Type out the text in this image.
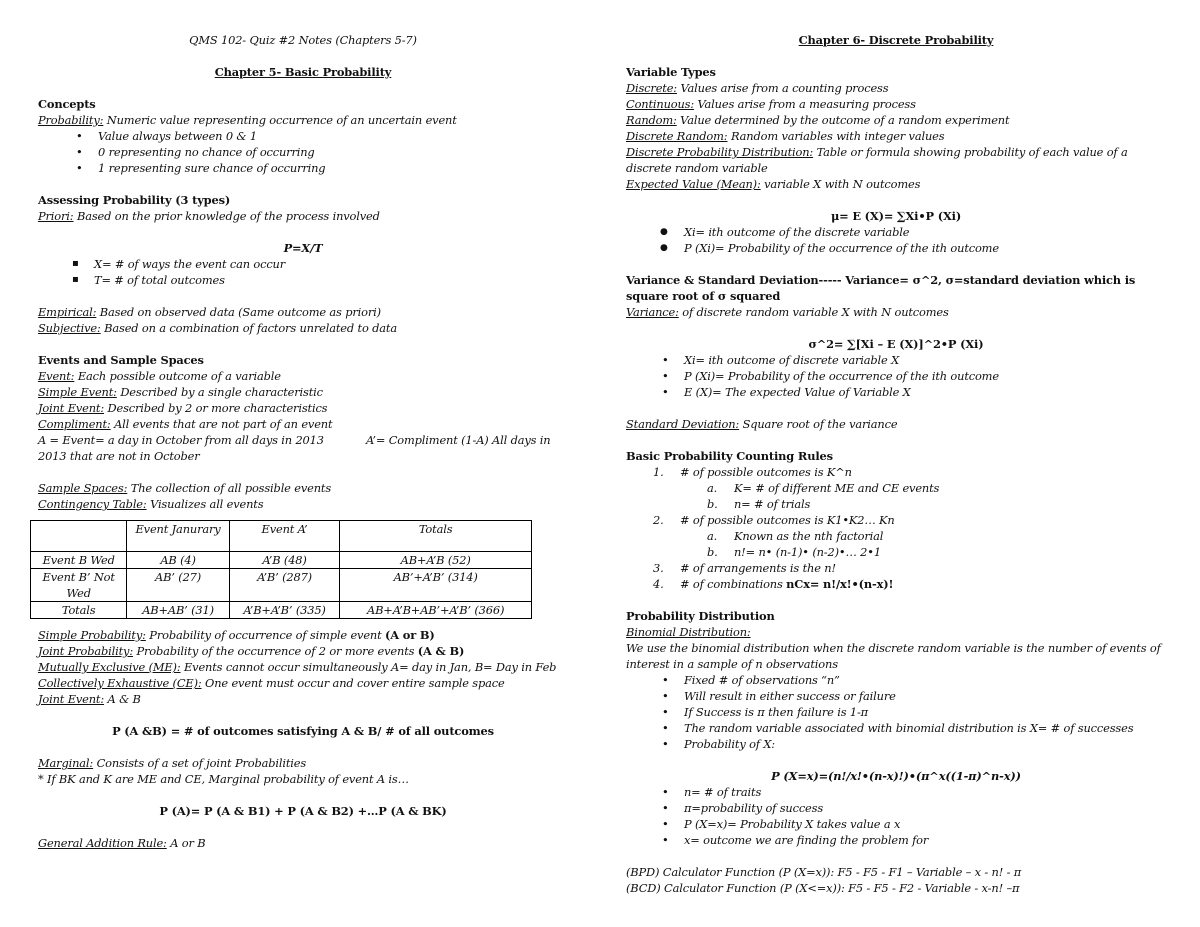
QMS 102- Quiz #2 Notes (Chapters 5-7)

Chapter 5- Basic Probability

Concepts

Probability: Numeric value representing occurrence of an uncertain event

• Value always between 0 & 1
• 0 representing no chance of occurring
• 1 representing sure chance of occurring

Assessing Probability (3 types)

Priori: Based on the prior knowledge of the process involved

P=X/T

▪ X= # of ways the event can occur
▪ T= # of total outcomes

Empirical: Based on observed data (Same outcome as priori)

Subjective: Based on a combination of factors unrelated to data

Events and Sample Spaces

Event: Each possible outcome of a variable

Simple Event: Described by a single characteristic

Joint Event: Described by 2 or more characteristics

Compliment: All events that are not part of an event

A = Event= a day in October from all days in 2013	A’= Compliment (1-A) All days in

2013 that are not in October

Sample Spaces: The collection of all possible events

Contingency Table: Visualizes all events

	Event Janurary	Event A’	Totals
Event B Wed	AB (4)	A’B (48)	AB+A’B (52)
Event B’ Not Wed	AB’ (27)	A’B’ (287)	AB’+A’B’ (314)
Totals	AB+AB’ (31)	A’B+A’B’ (335)	AB+A’B+AB’+A’B’ (366)

Simple Probability: Probability of occurrence of simple event (A or B)

Joint Probability: Probability of the occurrence of 2 or more events (A & B)

Mutually Exclusive (ME): Events cannot occur simultaneously A= day in Jan, B= Day in Feb

Collectively Exhaustive (CE): One event must occur and cover entire sample space

Joint Event: A & B

P (A &B) = # of outcomes satisfying A & B/ # of all outcomes

Marginal: Consists of a set of joint Probabilities

* If BK and K are ME and CE, Marginal probability of event A is…

P (A)= P (A & B1) + P (A & B2) +…P (A & BK)

General Addition Rule: A or B

Chapter 6- Discrete Probability

Variable Types

Discrete: Values arise from a counting process

Continuous: Values arise from a measuring process

Random: Value determined by the outcome of a random experiment

Discrete Random: Random variables with integer values

Discrete Probability Distribution: Table or formula showing probability of each value of a

discrete random variable

Expected Value (Mean): variable X with N outcomes

μ= E (X)= ∑Xi•P (Xi)

● Xi= ith outcome of the discrete variable
● P (Xi)= Probability of the occurrence of the ith outcome

Variance & Standard Deviation----- Variance= σ^2, σ=standard deviation which is

square root of σ squared

Variance: of discrete random variable X with N outcomes

σ^2= ∑[Xi – E (X)]^2•P (Xi)

• Xi= ith outcome of discrete variable X
• P (Xi)= Probability of the occurrence of the ith outcome
• E (X)= The expected Value of Variable X

Standard Deviation: Square root of the variance

Basic Probability Counting Rules

1. # of possible outcomes is K^n
a. K= # of different ME and CE events
b. n= # of trials
2. # of possible outcomes is K1•K2… Kn
a. Known as the nth factorial
b. n!= n• (n-1)• (n-2)•… 2•1
3. # of arrangements is the n!
4. # of combinations nCx= n!/x!•(n-x)!

Probability Distribution

Binomial Distribution:

We use the binomial distribution when the discrete random variable is the number of events of

interest in a sample of n observations

• Fixed # of observations “n”
• Will result in either success or failure
• If Success is π then failure is 1-π
• The random variable associated with binomial distribution is X= # of successes
• Probability of X:

P (X=x)=(n!/x!•(n-x)!)•(π^x((1-π)^n-x))

• n= # of traits
• π=probability of success
• P (X=x)= Probability X takes value a x
• x= outcome we are finding the problem for

(BPD) Calculator Function (P (X=x)): F5 - F5 - F1 – Variable – x - n! - π

(BCD) Calculator Function (P (X<=x)): F5 - F5 - F2 - Variable - x-n! –π
